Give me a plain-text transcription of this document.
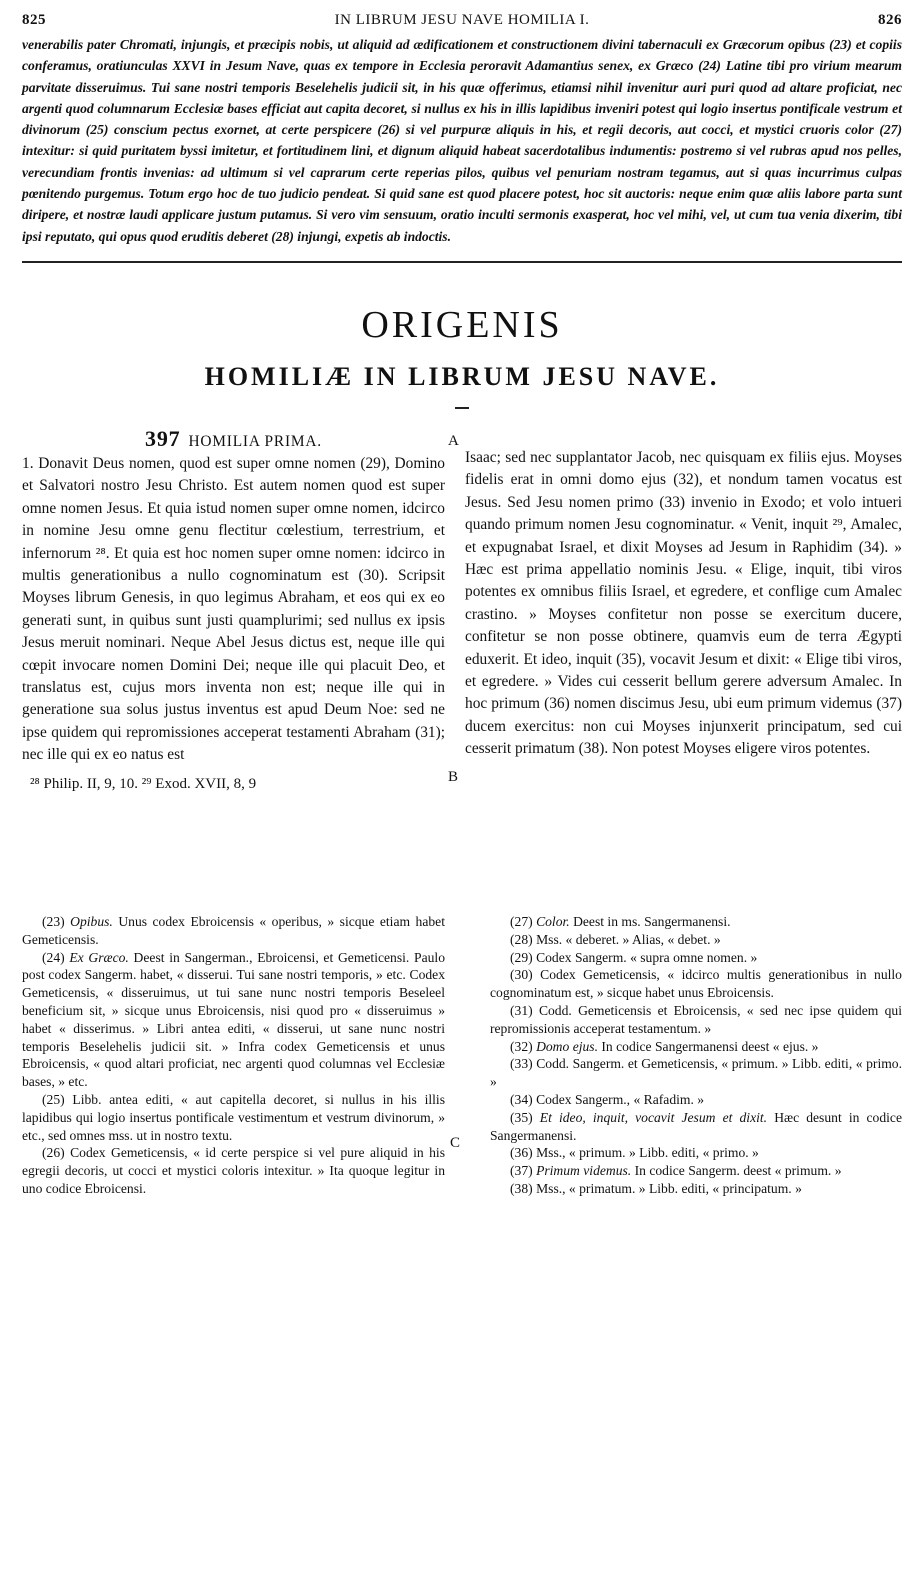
825	IN LIBRUM JESU NAVE HOMILIA I.	826
venerabilis pater Chromati, injungis, et præcipis nobis, ut aliquid ad ædificationem et constructionem divini tabernaculi ex Græcorum opibus (23) et copiis conferamus, oratiunculas XXVI in Jesum Nave, quas ex tempore in Ecclesia peroravit Adamantius senex, ex Græco (24) Latine tibi pro virium mearum parvitate disseruimus. Tui sane nostri temporis Beselehelis judicii sit, in his quæ offerimus, etiamsi nihil invenitur auri puri quod ad altare proficiat, nec argenti quod columnarum Ecclesiæ bases efficiat aut capita decoret, si nullus ex his in illis lapidibus inveniri potest qui logio insertus pontificale vestrum et divinorum (25) conscium pectus exornet, at certe perspicere (26) si vel purpuræ aliquis in his, et regii decoris, aut cocci, et mystici cruoris color (27) intexitur: si quid puritatem byssi imitetur, et fortitudinem lini, et dignum aliquid habeat sacerdotalibus indumentis: postremo si vel rubras apud nos pelles, verecundiam frontis invenias: ad ultimum si vel caprarum certe reperias pilos, quibus vel penuriam nostram tegamus, aut si quas incurrimus culpas pœnitendo purgemus. Totum ergo hoc de tuo judicio pendeat. Si quid sane est quod placere potest, hoc sit auctoris: neque enim quæ aliis labore parta sunt diripere, et nostræ laudi applicare justum putamus. Si vero vim sensuum, oratio inculti sermonis exasperat, hoc vel mihi, vel, ut cum tua venia dixerim, tibi ipsi reputato, qui opus quod eruditis deberet (28) injungi, expetis ab indoctis.
ORIGENIS
HOMILIÆ IN LIBRUM JESU NAVE.
397 HOMILIA PRIMA.
1. Donavit Deus nomen, quod est super omne nomen (29), Domino et Salvatori nostro Jesu Christo. Est autem nomen quod est super omne nomen Jesus. Et quia istud nomen super omne nomen, idcirco in nomine Jesu omne genu flectitur cœlestium, terrestrium, et infernorum ²⁸. Et quia est hoc nomen super omne nomen: idcirco in multis generationibus a nullo cognominatum est (30). Scripsit Moyses librum Genesis, in quo legimus Abraham, et eos qui ex eo generati sunt, in quibus sunt justi quamplurimi; sed nullus ex ipsis Jesus meruit nominari. Neque Abel Jesus dictus est, neque ille qui cœpit invocare nomen Domini Dei; neque ille qui placuit Deo, et translatus est, cujus mors inventa non est; neque ille qui in generatione sua solus justus inventus est apud Deum Noe: sed ne ipse quidem qui repromissiones acceperat testamenti Abraham (31); nec ille qui ex eo natus est
²⁸ Philip. II, 9, 10. ²⁹ Exod. XVII, 8, 9
A
B
Isaac; sed nec supplantator Jacob, nec quisquam ex filiis ejus. Moyses fidelis erat in omni domo ejus (32), et nondum tamen vocatus est Jesus. Sed Jesu nomen primo (33) invenio in Exodo; et volo intueri quando primum nomen Jesu cognominatur. « Venit, inquit ²⁹, Amalec, et expugnabat Israel, et dixit Moyses ad Jesum in Raphidim (34). » Hæc est prima appellatio nominis Jesu. « Elige, inquit, tibi viros potentes ex omnibus filiis Israel, et egredere, et confligе cum Amalec crastino. » Moyses confitetur non posse se exercitum ducere, confitetur se non posse obtinere, quamvis eum de terra Ægypti eduxerit. Et ideo, inquit (35), vocavit Jesum et dixit: « Elige tibi viros, et egredere. » Vides cui cesserit bellum gerere adversum Amalec. In hoc primum (36) nomen discimus Jesu, ubi eum primum videmus (37) ducem exercitus: non cui Moyses injunxerit principatum, sed cui cesserit primatum (38). Non potest Moyses eligere viros potentes.
C
(23) Opibus. Unus codex Ebroicensis « operibus, » sicque etiam habet Gemeticensis.
(24) Ex Græco. Deest in Sangerman., Ebroicensi, et Gemeticensi. Paulo post codex Sangerm. habet, « disserui. Tui sane nostri temporis, » etc. Codex Gemeticensis, « disseruimus, ut tui sane nunc nostri temporis Beseleel beneficium sit, » sicque unus Ebroicensis, nisi quod pro « disseruimus » habet « disserimus. » Libri antea editi, « disserui, ut sane nunc nostri temporis Beselehelis judicii sit. » Infra codex Gemeticensis et unus Ebroicensis, « quod altari proficiat, nec argenti quod columnas vel Ecclesiæ bases, » etc.
(25) Libb. antea editi, « aut capitella decoret, si nullus in his illis lapidibus qui logio insertus pontificale vestimentum et vestrum divinorum, » etc., sed omnes mss. ut in nostro textu.
(26) Codex Gemeticensis, « id certe perspice si vel pure aliquid in his egregii decoris, ut cocci et mystici coloris intexitur. » Ita quoque legitur in uno codice Ebroicensi.
(27) Color. Deest in ms. Sangermanensi.
(28) Mss. « deberet. » Alias, « debet. »
(29) Codex Sangerm. « supra omne nomen. »
(30) Codex Gemeticensis, « idcirco multis generationibus in nullo cognominatum est, » sicque habet unus Ebroicensis.
(31) Codd. Gemeticensis et Ebroicensis, « sed nec ipse quidem qui repromissionis acceperat testamentum. »
(32) Domo ejus. In codice Sangermanensi deest « ejus. »
(33) Codd. Sangerm. et Gemeticensis, « primum. » Libb. editi, « primo. »
(34) Codex Sangerm., « Rafadim. »
(35) Et ideo, inquit, vocavit Jesum et dixit. Hæc desunt in codice Sangermanensi.
(36) Mss., « primum. » Libb. editi, « primo. »
(37) Primum videmus. In codice Sangerm. deest « primum. »
(38) Mss., « primatum. » Libb. editi, « principatum. »
